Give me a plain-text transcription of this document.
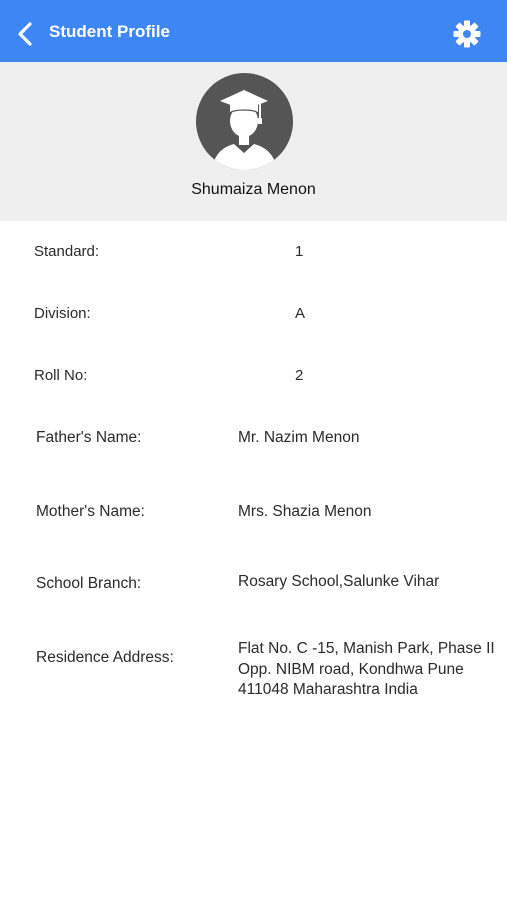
Student Profile
Shumaiza Menon
Standard:	1
Division:	A
Roll No:	2
Father's Name:	Mr. Nazim Menon
Mother's Name:	Mrs. Shazia Menon
School Branch:	Rosary School,Salunke Vihar
Residence Address:
Flat No. C -15, Manish Park, Phase II Opp. NIBM road, Kondhwa Pune 411048 Maharashtra India
